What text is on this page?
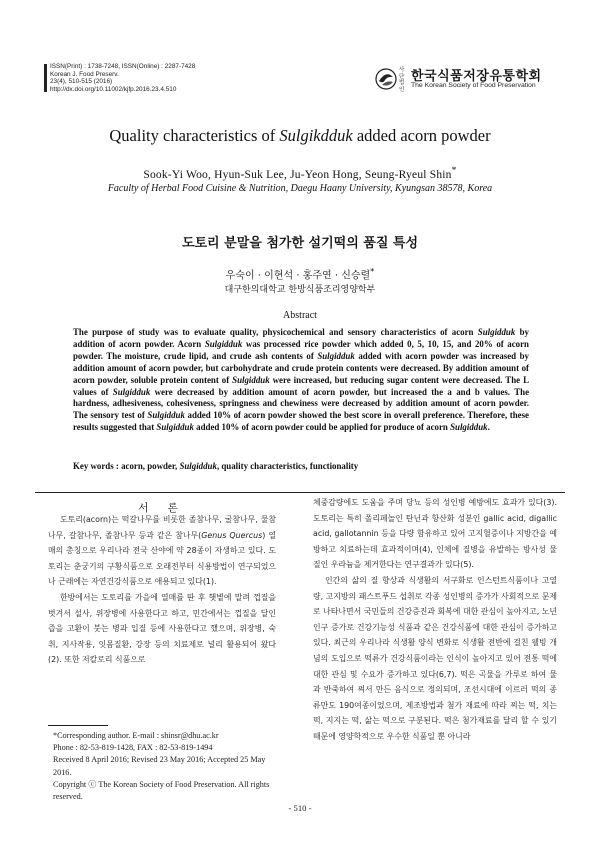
ISSN(Print) : 1738-7248, ISSN(Online) : 2287-7428
Korean J. Food Preserv.
23(4), 510-515 (2016)
http://dx.doi.org/10.11002/kjfp.2016.23.4.510
사단 법인
한국식품저장유통학회
The Korean Society of Food Preservation
Quality characteristics of Sulgikdduk added acorn powder
Sook-Yi Woo, Hyun-Suk Lee, Ju-Yeon Hong, Seung-Ryeul Shin*
Faculty of Herbal Food Cuisine & Nutrition, Daegu Haany University, Kyungsan 38578, Korea
도토리 분말을 첨가한 설기떡의 품질 특성
우숙이 · 이현석 · 홍주연 · 신승렬*
대구한의대학교 한방식품조리영양학부
Abstract
The purpose of study was to evaluate quality, physicochemical and sensory characteristics of acorn Sulgidduk by addition of acorn powder. Acorn Sulgidduk was processed rice powder which added 0, 5, 10, 15, and 20% of acorn powder. The moisture, crude lipid, and crude ash contents of Sulgidduk added with acorn powder was increased by addition amount of acorn powder, but carbohydrate and crude protein contents were decreased. By addition amount of acorn powder, soluble protein content of Sulgidduk were increased, but reducing sugar content were decreased. The L values of Sulgidduk were decreased by addition amount of acorn powder, but increased the a and b values. The hardness, adhesiveness, cohesiveness, springness and chewiness were decreased by addition amount of acorn powder. The sensory test of Sulgidduk added 10% of acorn powder showed the best score in overall preference. Therefore, these results suggested that Sulgidduk added 10% of acorn powder could be applied for produce of acorn Sulgidduk.
Key words : acorn, powder, Sulgidduk, quality characteristics, functionality
서 론

도토리(acorn)는 떡갈나무를 비롯한 졸참나무, 굴참나무, 물참나무, 갈참나무, 졸참나무 등과 같은 참나무(Genus Quercus) 열매의 총칭으로 우리나라 전국 산야에 약 28종이 자생하고 있다. 도토리는 춘궁기의 구황식품으로 오래전부터 식용방법이 연구되었으나 근래에는 자연건강식품으로 애용되고 있다(1).

한방에서는 도토리를 가을에 열매를 딴 후 햇볕에 말려 껍질을 벗겨서 설사, 위장병에 사용한다고 하고, 민간에서는 껍질을 달인 즙을 고환이 붓는 병과 입질 등에 사용한다고 했으며, 위장병, 숙취, 지사작용, 잇몸질환, 강장 등의 치료제로 널리 활용되어 왔다(2). 또한 저칼로리 식품으로

체중감량에도 도움을 주며 당뇨 등의 성인병 예방에도 효과가 있다(3). 도토리는 특히 폴리페놀인 탄닌과 항산화 성분인 gallic acid, digallic acid, gallotannin 등을 다량 함유하고 있어 고지혈증이나 지방간을 예방하고 치료하는데 효과적이며(4), 인체에 질병을 유발하는 방사성 물질인 우라늄을 제거한다는 연구결과가 있다(5).

인간의 삶의 질 향상과 식생활의 서구화로 인스턴트식품이나 고열량, 고지방의 패스트푸드 섭취로 각종 성인병의 증가가 사회적으로 문제로 나타나면서 국민들의 건강증진과 회복에 대한 관심이 높아지고, 노년 인구 증가로 건강기능성 식품과 같은 건강식품에 대한 관심이 증가하고 있다. 최근의 우리나라 식생활 양식 변화로 식생활 전반에 걸친 웰빙 개념의 도입으로 떡류가 건강식품이라는 인식이 높아지고 있어 전통 떡에 대한 관심 및 수요가 증가하고 있다(6,7). 떡은 곡물을 가루로 하여 물과 반죽하여 쪄서 만든 음식으로 정의되며, 조선시대에 이르러 떡의 종류만도 190여종이었으며, 제조방법과 첨가 재료에 따라 찌는 떡, 치는 떡, 지지는 떡, 삶는 떡으로 구분된다. 떡은 첨가재료를 달리 할 수 있기 때문에 영양학적으로 우수한 식품일 뿐 아니라

*Corresponding author. E-mail : shinsr@dhu.ac.kr
Phone : 82-53-819-1428, FAX : 82-53-819-1494
Received 8 April 2016; Revised 23 May 2016; Accepted 25 May 2016.
Copyright ⓒ The Korean Society of Food Preservation. All rights reserved.
- 510 -
